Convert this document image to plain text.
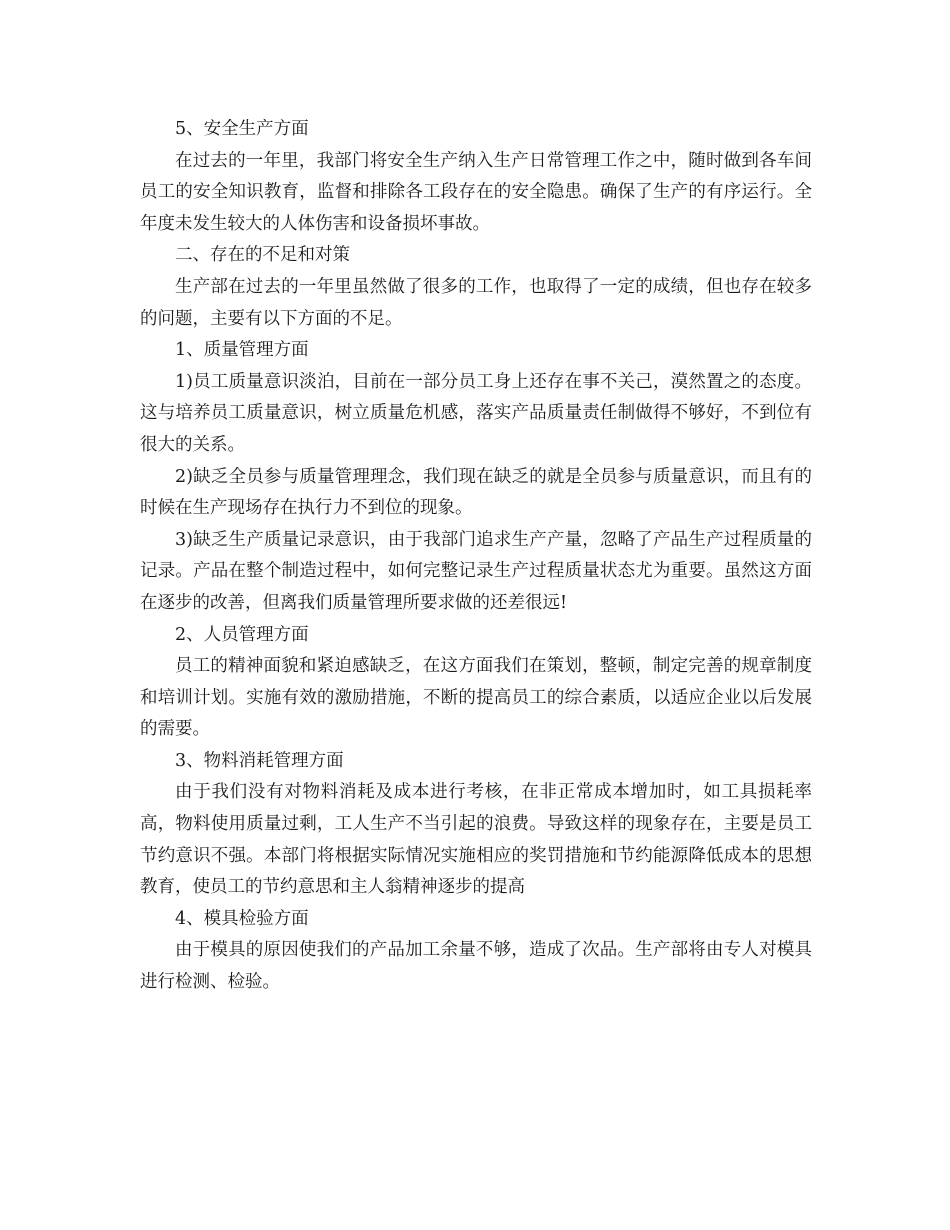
5、安全生产方面

在过去的一年里，我部门将安全生产纳入生产日常管理工作之中，随时做到各车间员工的安全知识教育，监督和排除各工段存在的安全隐患。确保了生产的有序运行。全年度未发生较大的人体伤害和设备损坏事故。

二、存在的不足和对策

生产部在过去的一年里虽然做了很多的工作，也取得了一定的成绩，但也存在较多的问题，主要有以下方面的不足。

1、质量管理方面

1)员工质量意识淡泊，目前在一部分员工身上还存在事不关己，漠然置之的态度。这与培养员工质量意识，树立质量危机感，落实产品质量责任制做得不够好，不到位有很大的关系。

2)缺乏全员参与质量管理理念，我们现在缺乏的就是全员参与质量意识，而且有的时候在生产现场存在执行力不到位的现象。

3)缺乏生产质量记录意识，由于我部门追求生产产量，忽略了产品生产过程质量的记录。产品在整个制造过程中，如何完整记录生产过程质量状态尤为重要。虽然这方面在逐步的改善，但离我们质量管理所要求做的还差很远!

2、人员管理方面

员工的精神面貌和紧迫感缺乏，在这方面我们在策划，整顿，制定完善的规章制度和培训计划。实施有效的激励措施，不断的提高员工的综合素质，以适应企业以后发展的需要。

3、物料消耗管理方面

由于我们没有对物料消耗及成本进行考核，在非正常成本增加时，如工具损耗率高，物料使用质量过剩，工人生产不当引起的浪费。导致这样的现象存在，主要是员工节约意识不强。本部门将根据实际情况实施相应的奖罚措施和节约能源降低成本的思想教育，使员工的节约意思和主人翁精神逐步的提高

4、模具检验方面

由于模具的原因使我们的产品加工余量不够，造成了次品。生产部将由专人对模具进行检测、检验。
